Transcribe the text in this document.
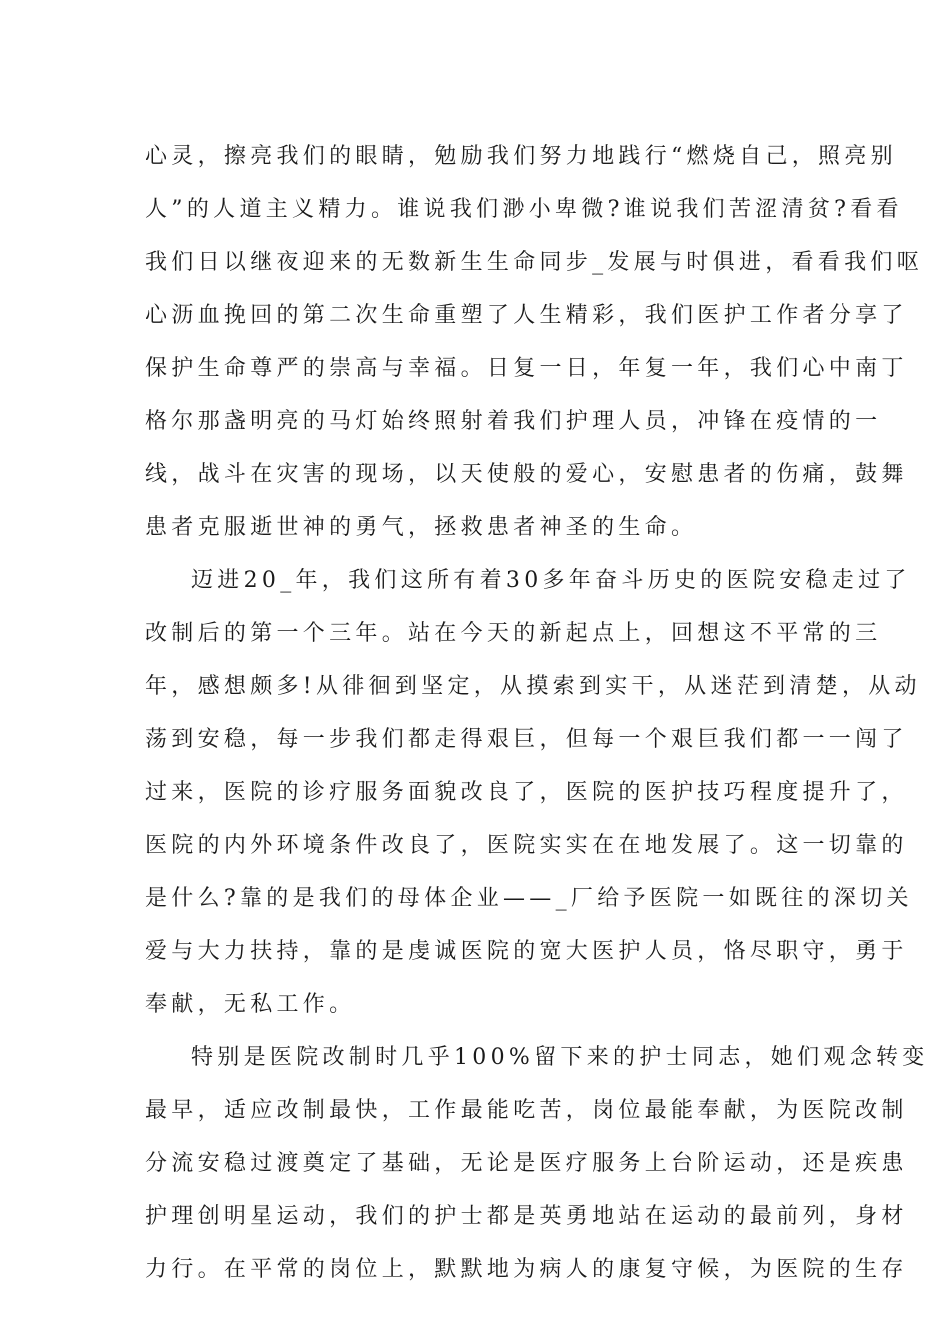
心灵，擦亮我们的眼睛，勉励我们努力地践行“燃烧自己，照亮别
人”的人道主义精力。谁说我们渺小卑微?谁说我们苦涩清贫?看看
我们日以继夜迎来的无数新生生命同步_发展与时俱进，看看我们呕
心沥血挽回的第二次生命重塑了人生精彩，我们医护工作者分享了
保护生命尊严的崇高与幸福。日复一日，年复一年，我们心中南丁
格尔那盏明亮的马灯始终照射着我们护理人员，冲锋在疫情的一
线，战斗在灾害的现场，以天使般的爱心，安慰患者的伤痛，鼓舞
患者克服逝世神的勇气，拯救患者神圣的生命。
迈进20_年，我们这所有着30多年奋斗历史的医院安稳走过了
改制后的第一个三年。站在今天的新起点上，回想这不平常的三
年，感想颇多!从徘徊到坚定，从摸索到实干，从迷茫到清楚，从动
荡到安稳，每一步我们都走得艰巨，但每一个艰巨我们都一一闯了
过来，医院的诊疗服务面貌改良了，医院的医护技巧程度提升了，
医院的内外环境条件改良了，医院实实在在地发展了。这一切靠的
是什么?靠的是我们的母体企业——_厂给予医院一如既往的深切关
爱与大力扶持，靠的是虔诚医院的宽大医护人员，恪尽职守，勇于
奉献，无私工作。
特别是医院改制时几乎100%留下来的护士同志，她们观念转变
最早，适应改制最快，工作最能吃苦，岗位最能奉献，为医院改制
分流安稳过渡奠定了基础，无论是医疗服务上台阶运动，还是疾患
护理创明星运动，我们的护士都是英勇地站在运动的最前列，身材
力行。在平常的岗位上，默默地为病人的康复守候，为医院的生存
